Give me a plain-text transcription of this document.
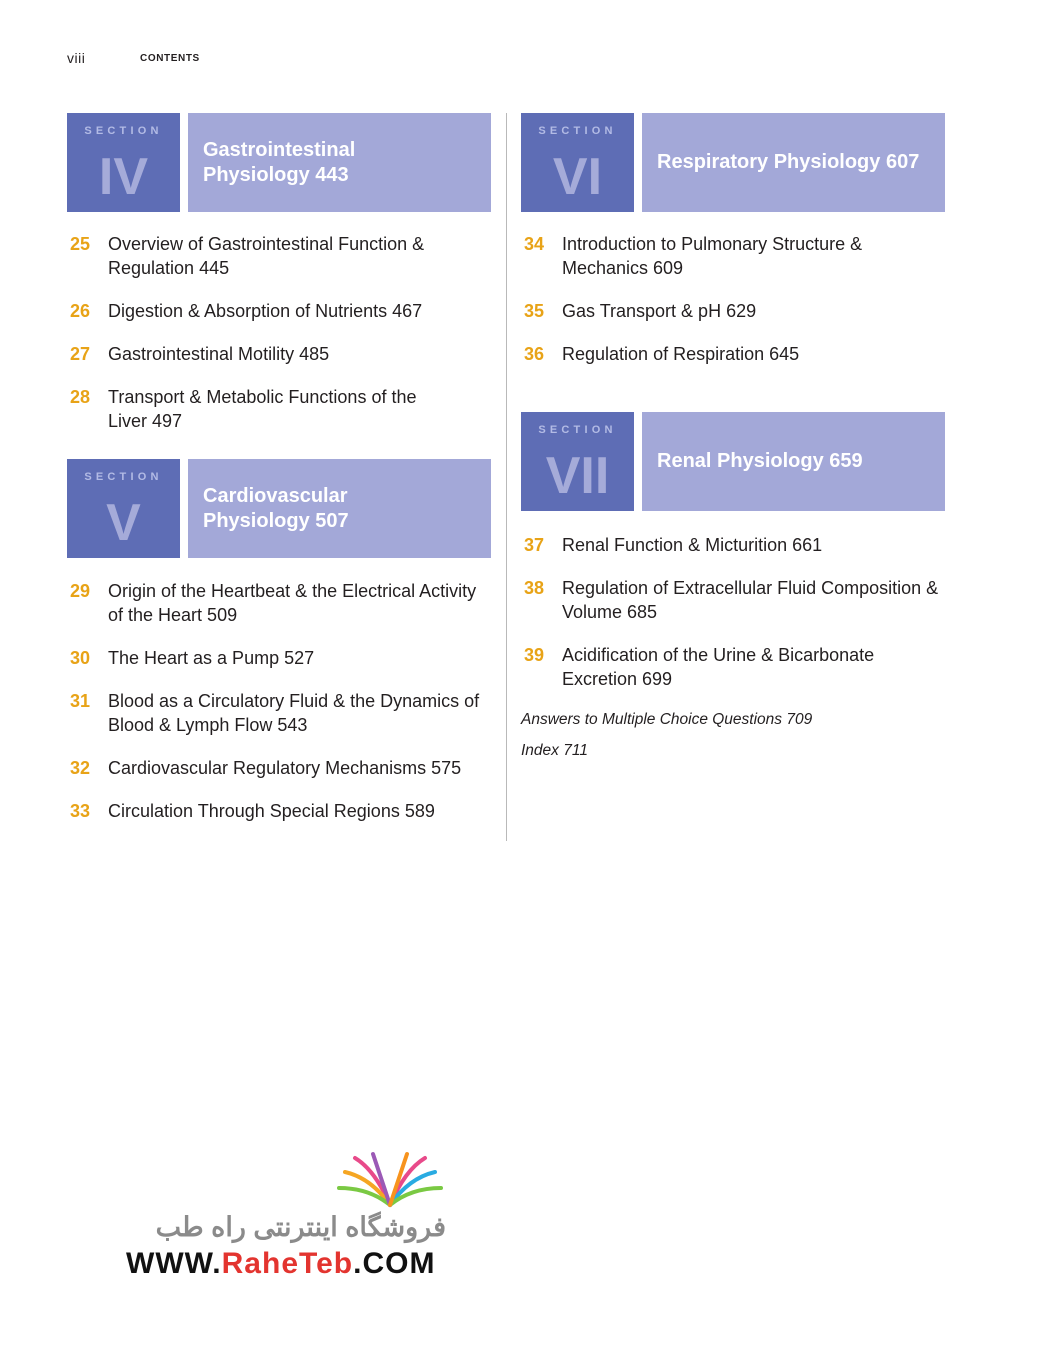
viii	CONTENTS
SECTION
IV	Gastrointestinal
Physiology 443
25 Overview of Gastrointestinal Function & Regulation 445
26 Digestion & Absorption of Nutrients 467
27 Gastrointestinal Motility 485
28 Transport & Metabolic Functions of the Liver 497
SECTION
V	Cardiovascular
Physiology 507
29 Origin of the Heartbeat & the Electrical Activity of the Heart 509
30 The Heart as a Pump 527
31 Blood as a Circulatory Fluid & the Dynamics of Blood & Lymph Flow 543
32 Cardiovascular Regulatory Mechanisms 575
33 Circulation Through Special Regions 589
SECTION
VI	Respiratory Physiology 607
34 Introduction to Pulmonary Structure & Mechanics 609
35 Gas Transport & pH 629
36 Regulation of Respiration 645
SECTION
VII	Renal Physiology 659
37 Renal Function & Micturition 661
38 Regulation of Extracellular Fluid Composition & Volume 685
39 Acidification of the Urine & Bicarbonate Excretion 699

Answers to Multiple Choice Questions 709

Index 711

فروشگاه اینترنتی راه طب
WWW.RaheTeb.COM
